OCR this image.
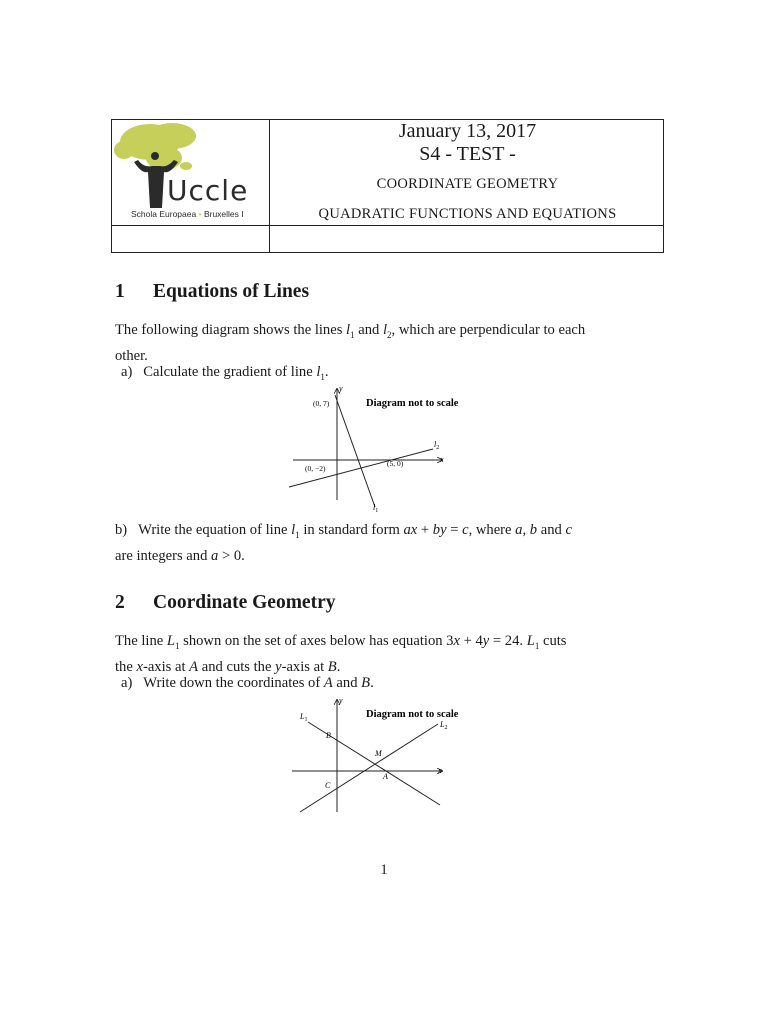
Uccle
Schola Europaea • Bruxelles I
January 13, 2017
S4 - TEST -
COORDINATE GEOMETRY
QUADRATIC FUNCTIONS AND EQUATIONS
1 Equations of Lines

The following diagram shows the lines $l_1$ and $l_2$, which are perpendicular to each
other.

a) Calculate the gradient of line $l_1$.

x
y
(0, 7)
(0, −2)
(5, 0)
Diagram not to scale
$l_2$
$l_1$

b) Write the equation of line $l_1$ in standard form ax + by = c, where a, b and c
are integers and a > 0.

2 Coordinate Geometry

The line $L_1$ shown on the set of axes below has equation 3x + 4y = 24. $L_1$ cuts
the x-axis at A and cuts the y-axis at B.

a) Write down the coordinates of A and B.

x
y
Diagram not to scale
$L_1$	$L_2$
B
M
A
C
1
